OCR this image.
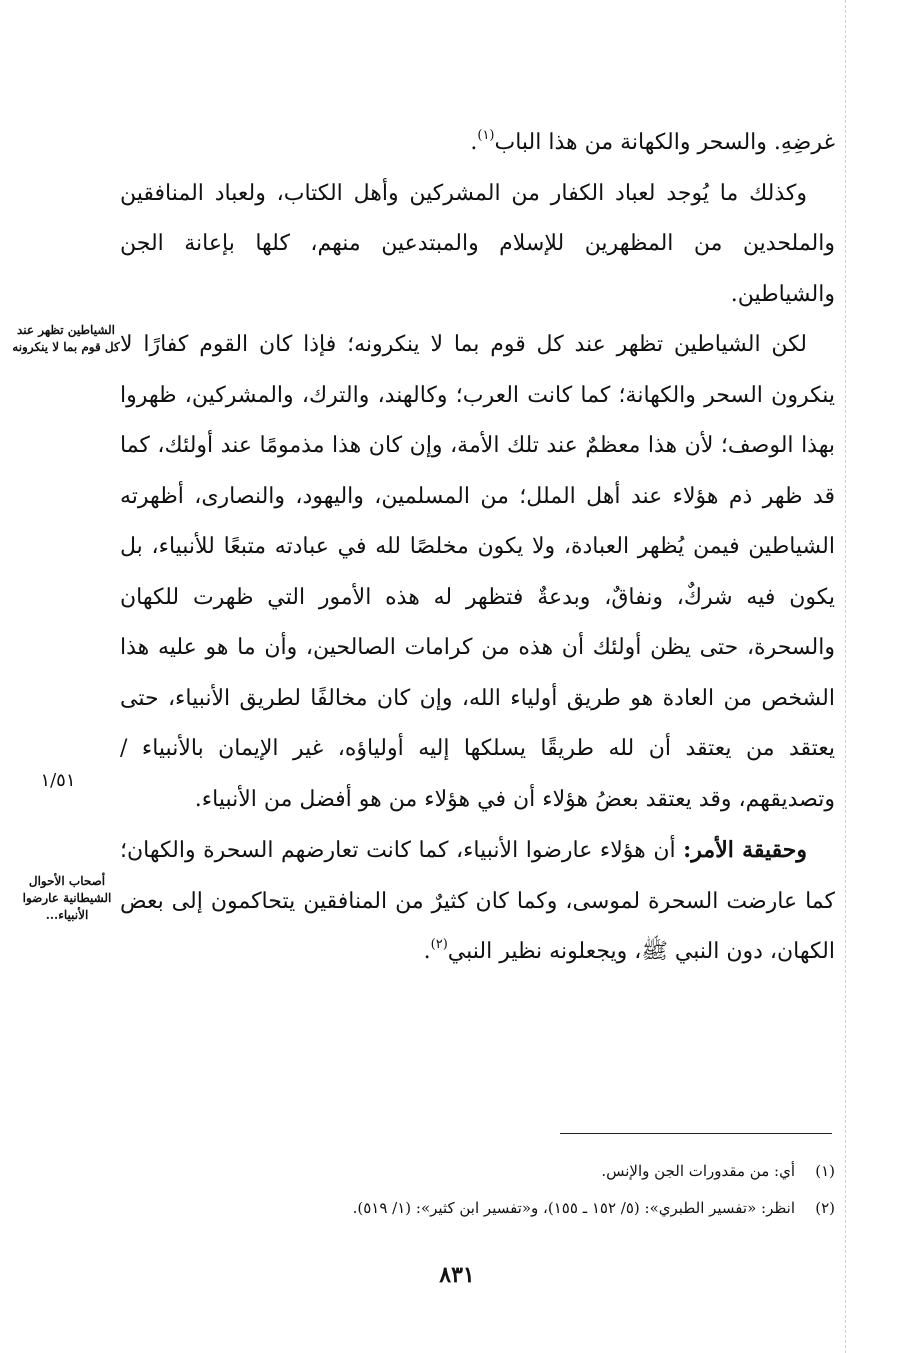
غرضِهِ. والسحر والكهانة من هذا الباب$^{(١)}$.

وكذلك ما يُوجد لعباد الكفار من المشركين وأهل الكتاب، ولعباد المنافقين والملحدين من المظهرين للإسلام والمبتدعين منهم، كلها بإعانة الجن والشياطين.

لكن الشياطين تظهر عند كل قوم بما لا ينكرونه؛ فإذا كان القوم كفارًا لا ينكرون السحر والكهانة؛ كما كانت العرب؛ وكالهند، والترك، والمشركين، ظهروا بهذا الوصف؛ لأن هذا معظمٌ عند تلك الأمة، وإن كان هذا مذمومًا عند أولئك، كما قد ظهر ذم هؤلاء عند أهل الملل؛ من المسلمين، واليهود، والنصارى، أظهرته الشياطين فيمن يُظهر العبادة، ولا يكون مخلصًا لله في عبادته متبعًا للأنبياء، بل يكون فيه شركٌ، ونفاقٌ، وبدعةٌ فتظهر له هذه الأمور التي ظهرت للكهان والسحرة، حتى يظن أولئك أن هذه من كرامات الصالحين، وأن ما هو عليه هذا الشخص من العادة هو طريق أولياء الله، وإن كان مخالفًا لطريق الأنبياء، حتى يعتقد من يعتقد أن لله طريقًا يسلكها إليه أولياؤه، غير الإيمان بالأنبياء / وتصديقهم، وقد يعتقد بعضُ هؤلاء أن في هؤلاء من هو أفضل من الأنبياء.

وحقيقة الأمر: أن هؤلاء عارضوا الأنبياء، كما كانت تعارضهم السحرة والكهان؛ كما عارضت السحرة لموسى، وكما كان كثيرٌ من المنافقين يتحاكمون إلى بعض الكهان، دون النبي ﷺ، ويجعلونه نظير النبي$^{(٢)}$.

الشياطين تظهر عند كل قوم بما لا ينكرونه
أصحاب الأحوال الشيطانية عارضوا الأنبياء...
١/٥١
(١)
أي: من مقدورات الجن والإنس.
(٢)
انظر: «تفسير الطبري»: (٥/ ١٥٢ ـ ١٥٥)، و«تفسير ابن كثير»: (١/ ٥١٩).
٨٣١
